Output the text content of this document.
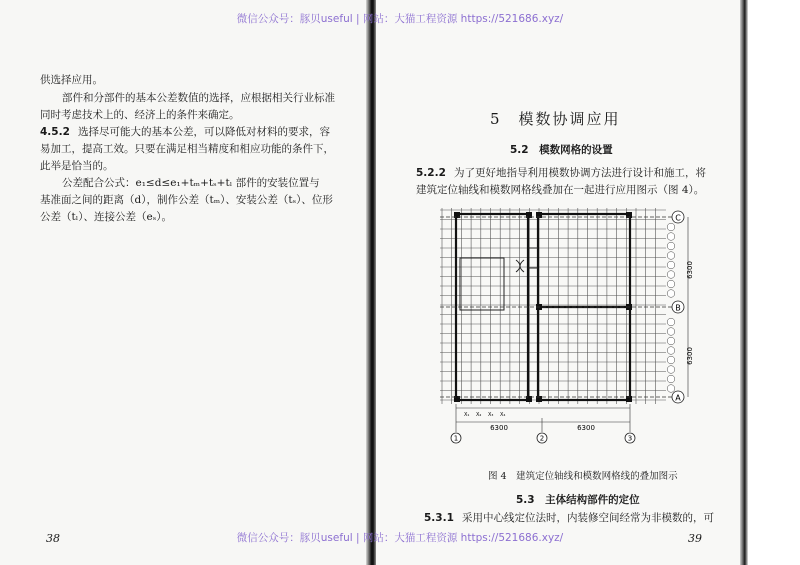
微信公众号：豚贝useful | 网站：大猫工程资源 https://521686.xyz/
微信公众号：豚贝useful | 网站：大猫工程资源 https://521686.xyz/
供选择应用。
部件和分部件的基本公差数值的选择，应根据相关行业标准
同时考虑技术上的、经济上的条件来确定。
4.5.2 选择尽可能大的基本公差，可以降低对材料的要求，容
易加工，提高工效。只要在满足相当精度和相应功能的条件下，
此举是恰当的。
公差配合公式：e₁≤d≤e₁+tₘ+tₛ+tₗ 部件的安装位置与
基准面之间的距离（d），制作公差（tₘ）、安装公差（tₛ）、位形
公差（tₗ）、连接公差（eₛ）。
38
5　模数协调应用
5.2　模数网格的设置
5.2.2 为了更好地指导利用模数协调方法进行设计和施工，将
建筑定位轴线和模数网格线叠加在一起进行应用图示（图 4）。
C
B
A
6300
6300
X₁ X₂ X₃ X₄
6300	6300
1	2	3
图 4　建筑定位轴线和模数网格线的叠加图示
5.3　主体结构部件的定位
5.3.1 采用中心线定位法时，内装修空间经常为非模数的，可
39
